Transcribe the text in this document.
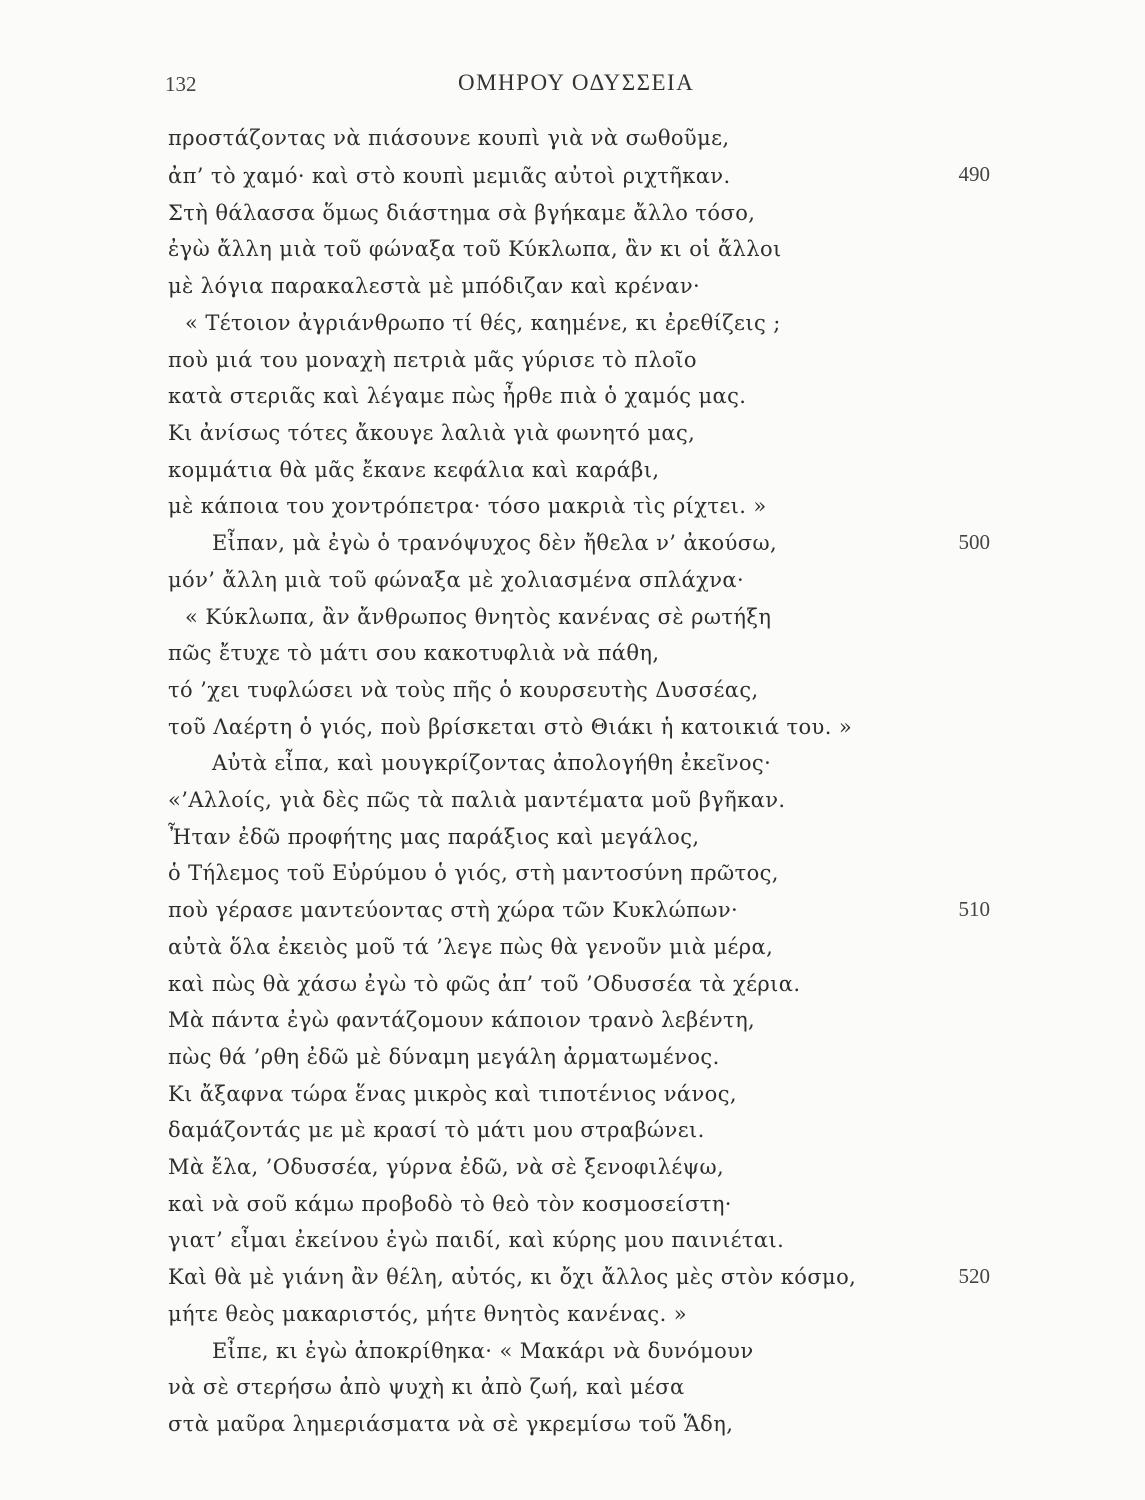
132	ΟΜΗΡΟΥ ΟΔΥΣΣΕΙΑ
προστάζοντας νὰ πιάσουνε κουπὶ γιὰ νὰ σωθοῦμε,
ἀπ’ τὸ χαμό· καὶ στὸ κουπὶ μεμιᾶς αὐτοὶ ριχτῆκαν.	490
Στὴ θάλασσα ὅμως διάστημα σὰ βγήκαμε ἄλλο τόσο,
ἐγὼ ἄλλη μιὰ τοῦ φώναξα τοῦ Κύκλωπα, ἂν κι οἱ ἄλλοι
μὲ λόγια παρακαλεστὰ μὲ μπόδιζαν καὶ κρέναν·
« Τέτοιον ἀγριάνθρωπο τί θές, καημένε, κι ἐρεθίζεις ;
ποὺ μιά του μοναχὴ πετριὰ μᾶς γύρισε τὸ πλοῖο
κατὰ στεριᾶς καὶ λέγαμε πὼς ἦρθε πιὰ ὁ χαμός μας.
Κι ἀνίσως τότες ἄκουγε λαλιὰ γιὰ φωνητό μας,
κομμάτια θὰ μᾶς ἔκανε κεφάλια καὶ καράβι,
μὲ κάποια του χοντρόπετρα· τόσο μακριὰ τὶς ρίχτει. »
Εἶπαν, μὰ ἐγὼ ὁ τρανόψυχος δὲν ἤθελα ν’ ἀκούσω,	500
μόν’ ἄλλη μιὰ τοῦ φώναξα μὲ χολιασμένα σπλάχνα·
« Κύκλωπα, ἂν ἄνθρωπος θνητὸς κανένας σὲ ρωτήξη
πῶς ἔτυχε τὸ μάτι σου κακοτυφλιὰ νὰ πάθη,
τό ’χει τυφλώσει νὰ τοὺς πῆς ὁ κουρσευτὴς Δυσσέας,
τοῦ Λαέρτη ὁ γιός, ποὺ βρίσκεται στὸ Θιάκι ἡ κατοικιά του. »
Αὐτὰ εἶπα, καὶ μουγκρίζοντας ἀπολογήθη ἐκεῖνος·
«’Αλλοίς, γιὰ δὲς πῶς τὰ παλιὰ μαντέματα μοῦ βγῆκαν.
Ἦταν ἐδῶ προφήτης μας παράξιος καὶ μεγάλος,
ὁ Τήλεμος τοῦ Εὐρύμου ὁ γιός, στὴ μαντοσύνη πρῶτος,
ποὺ γέρασε μαντεύοντας στὴ χώρα τῶν Κυκλώπων·	510
αὐτὰ ὅλα ἐκειὸς μοῦ τά ’λεγε πὼς θὰ γενοῦν μιὰ μέρα,
καὶ πὼς θὰ χάσω ἐγὼ τὸ φῶς ἀπ’ τοῦ ’Οδυσσέα τὰ χέρια.
Μὰ πάντα ἐγὼ φαντάζομουν κάποιον τρανὸ λεβέντη,
πὼς θά ’ρθη ἐδῶ μὲ δύναμη μεγάλη ἀρματωμένος.
Κι ἄξαφνα τώρα ἕνας μικρὸς καὶ τιποτένιος νάνος,
δαμάζοντάς με μὲ κρασί τὸ μάτι μου στραβώνει.
Μὰ ἔλα, ’Οδυσσέα, γύρνα ἐδῶ, νὰ σὲ ξενοφιλέψω,
καὶ νὰ σοῦ κάμω προβοδὸ τὸ θεὸ τὸν κοσμοσείστη·
γιατ’ εἶμαι ἐκείνου ἐγὼ παιδί, καὶ κύρης μου παινιέται.
Καὶ θὰ μὲ γιάνη ἂν θέλη, αὐτός, κι ὄχι ἄλλος μὲς στὸν κόσμο,	520
μήτε θεὸς μακαριστός, μήτε θνητὸς κανένας. »
Εἶπε, κι ἐγὼ ἀποκρίθηκα· « Μακάρι νὰ δυνόμουν
νὰ σὲ στερήσω ἀπὸ ψυχὴ κι ἀπὸ ζωή, καὶ μέσα
στὰ μαῦρα λημεριάσματα νὰ σὲ γκρεμίσω τοῦ Ἅδη,
